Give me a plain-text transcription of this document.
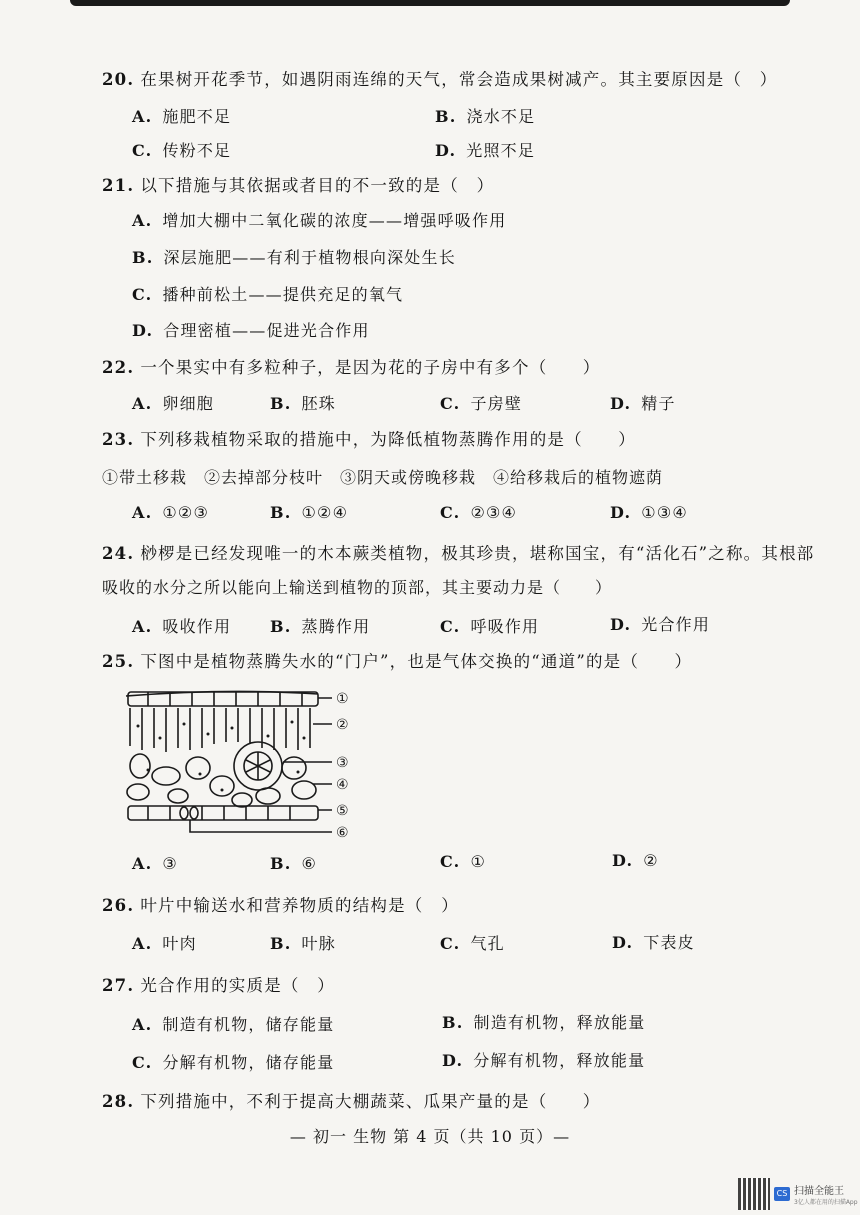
20. 在果树开花季节，如遇阴雨连绵的天气，常会造成果树减产。其主要原因是（　）
A. 施肥不足	B. 浇水不足
C. 传粉不足	D. 光照不足
21. 以下措施与其依据或者目的不一致的是（　）
A. 增加大棚中二氧化碳的浓度——增强呼吸作用
B. 深层施肥——有利于植物根向深处生长
C. 播种前松土——提供充足的氧气
D. 合理密植——促进光合作用
22. 一个果实中有多粒种子，是因为花的子房中有多个（　　）
A. 卵细胞	B. 胚珠	C. 子房壁	D. 精子
23. 下列移栽植物采取的措施中，为降低植物蒸腾作用的是（　　）
①带土移栽　②去掉部分枝叶　③阴天或傍晚移栽　④给移栽后的植物遮荫
A. ①②③	B. ①②④	C. ②③④	D. ①③④
24. 桫椤是已经发现唯一的木本蕨类植物，极其珍贵，堪称国宝，有“活化石”之称。其根部
吸收的水分之所以能向上输送到植物的顶部，其主要动力是（　　）
A. 吸收作用 B. 蒸腾作用	C. 呼吸作用	D. 光合作用
25. 下图中是植物蒸腾失水的“门户”，也是气体交换的“通道”的是（　　）
①
②
③
④
⑤
⑥
A. ③	B. ⑥	C. ①	D. ②
26. 叶片中输送水和营养物质的结构是（　）
A. 叶肉	B. 叶脉	C. 气孔	D. 下表皮
27. 光合作用的实质是（　）
A. 制造有机物，储存能量	B. 制造有机物，释放能量
C. 分解有机物，储存能量	D. 分解有机物，释放能量
28. 下列措施中，不利于提高大棚蔬菜、瓜果产量的是（　　）
— 初一 生物 第 4 页（共 10 页）—
CS 扫描全能王
3亿人都在用的扫描App
